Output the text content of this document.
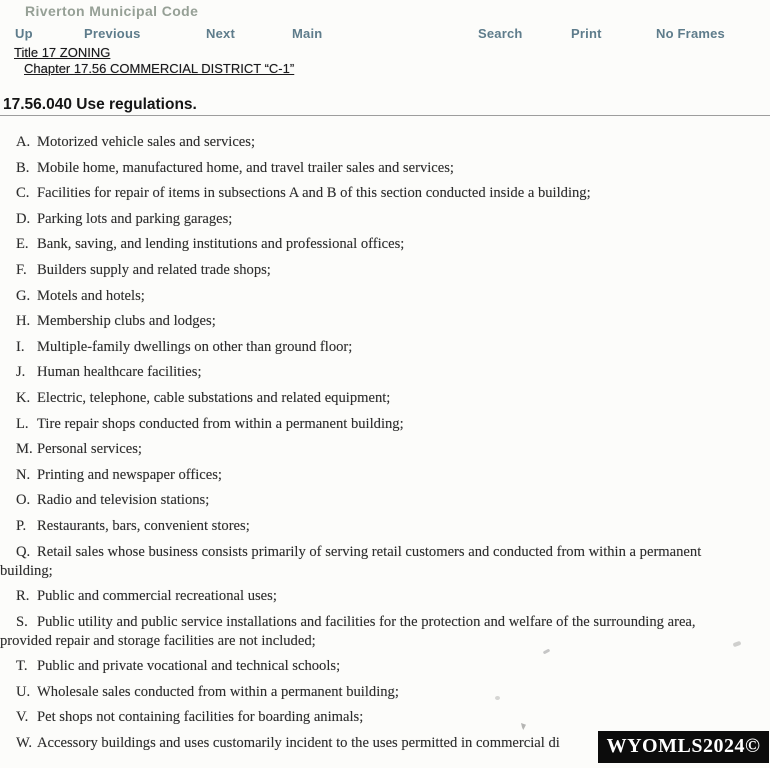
Riverton Municipal Code
Up	Previous	Next	Main	Search	Print	No Frames
Title 17 ZONING
Chapter 17.56 COMMERCIAL DISTRICT “C-1”
17.56.040 Use regulations.

A. Motorized vehicle sales and services;

B. Mobile home, manufactured home, and travel trailer sales and services;

C. Facilities for repair of items in subsections A and B of this section conducted inside a building;

D. Parking lots and parking garages;

E. Bank, saving, and lending institutions and professional offices;

F. Builders supply and related trade shops;

G. Motels and hotels;

H. Membership clubs and lodges;

I. Multiple-family dwellings on other than ground floor;

J. Human healthcare facilities;

K. Electric, telephone, cable substations and related equipment;

L. Tire repair shops conducted from within a permanent building;

M. Personal services;

N. Printing and newspaper offices;

O. Radio and television stations;

P. Restaurants, bars, convenient stores;

Q. Retail sales whose business consists primarily of serving retail customers and conducted from within a permanent
building;

R. Public and commercial recreational uses;

S. Public utility and public service installations and facilities for the protection and welfare of the surrounding area,
provided repair and storage facilities are not included;

T. Public and private vocational and technical schools;

U. Wholesale sales conducted from within a permanent building;

V. Pet shops not containing facilities for boarding animals;

W. Accessory buildings and uses customarily incident to the uses permitted in commercial di	WYOMLS2024©
